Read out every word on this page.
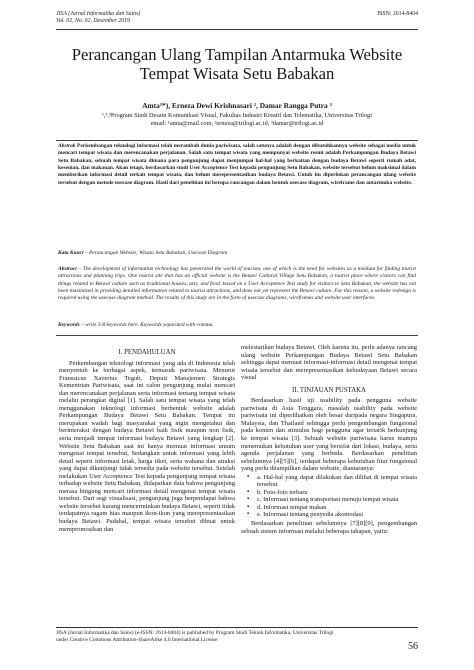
JISA (Jurnal Informatika dan Sains)
Vol. 02, No. 02, Desember 2019
ISSN: 2614-8404
Perancangan Ulang Tampilan Antarmuka Website
Tempat Wisata Setu Babakan
Amta¹*), Erneza Dewi Krishnasari ², Damar Rangga Putra ³
¹,²,³Program Studi Desain Komunikasi Visual, Fakultas Industri Kreatif dan Telematika, Universitas Trilogi
email: ¹amta@mail.com, ²erneza@trilogi.ac.id, ³damar@trilogi.ac.id
Abstrak Perkembangan teknologi informasi telah merambah dunia pariwisata, salah satunya adalah dengan dibutuhkannya website sebagai media untuk mencari tempat wisata dan merencanakan perjalanan. Salah satu tempat wisata yang mempunyai website resmi adalah Perkampungan Budaya Betawi Setu Babakan, sebuah tempat wisata dimana para pengunjung dapat menjumpai hal-hal yang berkaitan dengan budaya Betawi seperti rumah adat, kesenian, dan makanan. Akan tetapi, berdasarkan studi User Acceptence Test kepada pengunjung Setu Babakan, website tersebut belum maksimal dalam memberikan informasi detail terkait tempat wisata, dan belum merepresentasikan budaya Betawi. Untuk itu diperlukan perancangan ulang website tersebut dengan metode usecase diagram. Hasil dari penelitian ini berupa rancangan dalam bentuk usecase diagram, wireframe dan antarmuka website.
Kata Kunci – Perancangan Website, Wisata Setu Babakan, Usecase Diagram
Abstract – The development of information technology has penetrated the world of tourism, one of which is the need for websites as a medium for finding tourist attractions and planning trips. One tourist site that has an official website is the Betawi Cultural Village Setu Babakan, a tourist place where visitors can find things related to Betawi culture such as traditional houses, arts, and food. based on a User Acceptence Test study for visitors to Setu Babakan, the website has not been maximized in providing detailed information related to tourist attractions, and does not yet represent the Betawi culture. For this reason, a website redesign is required using the usecase diagram method. The results of this study are in the form of usecase diagrams, wireframes and website user interfaces.
Keywords – write 3-8 keywords here. Keywords separated with comma.
I. PENDAHULUAN

Perkembangan teknologi informasi yang ada di Indonesia telah menyentuh ke berbagai aspek, termasuk pariwisata. Menurut Franssicus Xaverius Teguh, Deputi Manajemen Strategis Kementrian Pariwisata, saat ini calon pengunjung mulai mencari dan merencanakan perjalanan serta informasi tentang tempat wisata melalui perangkat digital [1]. Salah satu tempat wisata yang telah menggunakan teknologi informasi berbentuk website adalah Perkampungan Budaya Betawi Setu Babakan. Tempat ini merupakan wadah bagi masyarakat yang ingin mengetahui dan berinteraksi dengan budaya Betawi baik fisik maupun non fisik, serta menjadi tempat informasi budaya Betawi yang lengkap [2]. Website Setu Babakan saat ini hanya memuat informasi umum mengenai tempat tersebut, Sedangkan untuk informasi yang lebih detail seperti informasi letak, harga tiket, serta wahana dan atraksi yang dapat dikunjungi tidak tersedia pada website tersebut. Setelah melakukan User Acceptence Test kepada pengunjung tempat wisata terhadap website Setu Babakan, didapatkan data bahwa pengunjung merasa bingung mencari informasi detail mengenai tempat wisata tersebut. Dari segi visualisasi, pengunjung juga berpendapat bahwa website tersebut kurang mencerminkan budaya Betawi, seperti tidak terdapatnya ragam hias maupun ikon-ikon yang merepresentasikan budaya Betawi. Padahal, tempat wisata tersebut dibuat untuk mempromosikan dan

melestarikan budaya Betawi. Oleh karena itu, perlu adanya rancang ulang website Perkampungan Budaya Betawi Setu Babakan sehingga dapat memuat informasi-informasi detail mengenai tempat wisata tersebut dan merepresentasikan kebudayaan Betawi secara visual

II. TINJAUAN PUSTAKA

Berdasarkan hasil uji usability pada pengguna website pariwisata di Asia Tenggara, masalah usability pada website pariwisata ini diperlihatkan oleh besar daripada negara Singapura, Malaysia, dan Thailand sehingga perlu pengembangan fungsional pada konten dan stimulus bagi pengguna agar tertarik berkunjung ke tempat wisata [3]. Sebuah website pariwisata harus mampu menemukan kebutuhan user yang bersifat dari lokasi, budaya, serta agenda perjalanan yang berbeda. Berdasarkan penelitian sebelumnya [4][5][6], terdapat beberapa kebutuhan fitur fungsional yang perlu ditampilkan dalam website, diantaranya:

▪ a. Hal-hal yang dapat dilakukan dan dilihat di tempat wisata tersebut
▪ b. Foto-foto terbaru
▪ c. Informasi tentang transportasi menuju tempat wisata
▪ d. Informasi tempat makan
▪ e. Informasi tentang penyedia akomodasi

Berdasarkan penelitian sebelumnya [7][8][9], pengembangan sebuah sistem informasi melalui beberapa tahapan, yaitu:

JISA (Jurnal Informatika dan Sains) (e-ISSN: 2614-8404) is published by Program Studi Teknik Informatika, Universitas Trilogi
under Creative Commons Attribution-ShareAlike 4.0 International License
56
